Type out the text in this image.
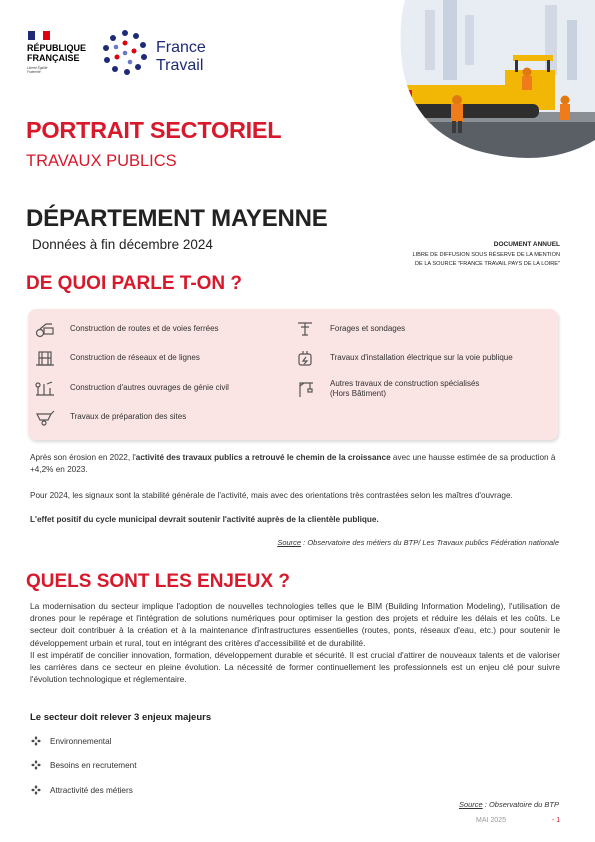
RÉPUBLIQUE
FRANÇAISE
Liberté Égalité Fraternité
France
Travail
PORTRAIT SECTORIEL
TRAVAUX PUBLICS
DÉPARTEMENT MAYENNE
Données à fin décembre 2024	DOCUMENT ANNUEL
LIBRE DE DIFFUSION SOUS RÉSERVE DE LA MENTION
DE LA SOURCE "FRANCE TRAVAIL PAYS DE LA LOIRE"
DE QUOI PARLE T-ON ?
Construction de routes et de voies ferrées
Construction de réseaux et de lignes
Construction d'autres ouvrages de génie civil
Travaux de préparation des sites
Forages et sondages
Travaux d'installation électrique sur la voie publique
Autres travaux de construction spécialisés
(Hors Bâtiment)
Après son érosion en 2022, l'activité des travaux publics a retrouvé le chemin de la croissance avec une hausse estimée de sa production à +4,2% en 2023.
Pour 2024, les signaux sont la stabilité générale de l'activité, mais avec des orientations très contrastées selon les maîtres d'ouvrage.
L'effet positif du cycle municipal devrait soutenir l'activité auprès de la clientèle publique.
Source : Observatoire des métiers du BTP/ Les Travaux publics Fédération nationale
QUELS SONT LES ENJEUX ?
La modernisation du secteur implique l'adoption de nouvelles technologies telles que le BIM (Building Information Modeling), l'utilisation de drones pour le repérage et l'intégration de solutions numériques pour optimiser la gestion des projets et réduire les délais et les coûts. Le secteur doit contribuer à la création et à la maintenance d'infrastructures essentielles (routes, ponts, réseaux d'eau, etc.) pour soutenir le développement urbain et rural, tout en intégrant des critères d'accessibilité et de durabilité.
Il est impératif de concilier innovation, formation, développement durable et sécurité. Il est crucial d'attirer de nouveaux talents et de valoriser les carrières dans ce secteur en pleine évolution. La nécessité de former continuellement les professionnels est un enjeu clé pour suivre l'évolution technologique et réglementaire.
Le secteur doit relever 3 enjeux majeurs
Environnemental
Besoins en recrutement
Attractivité des métiers
Source : Observatoire du BTP
MAI 2025	- 1
